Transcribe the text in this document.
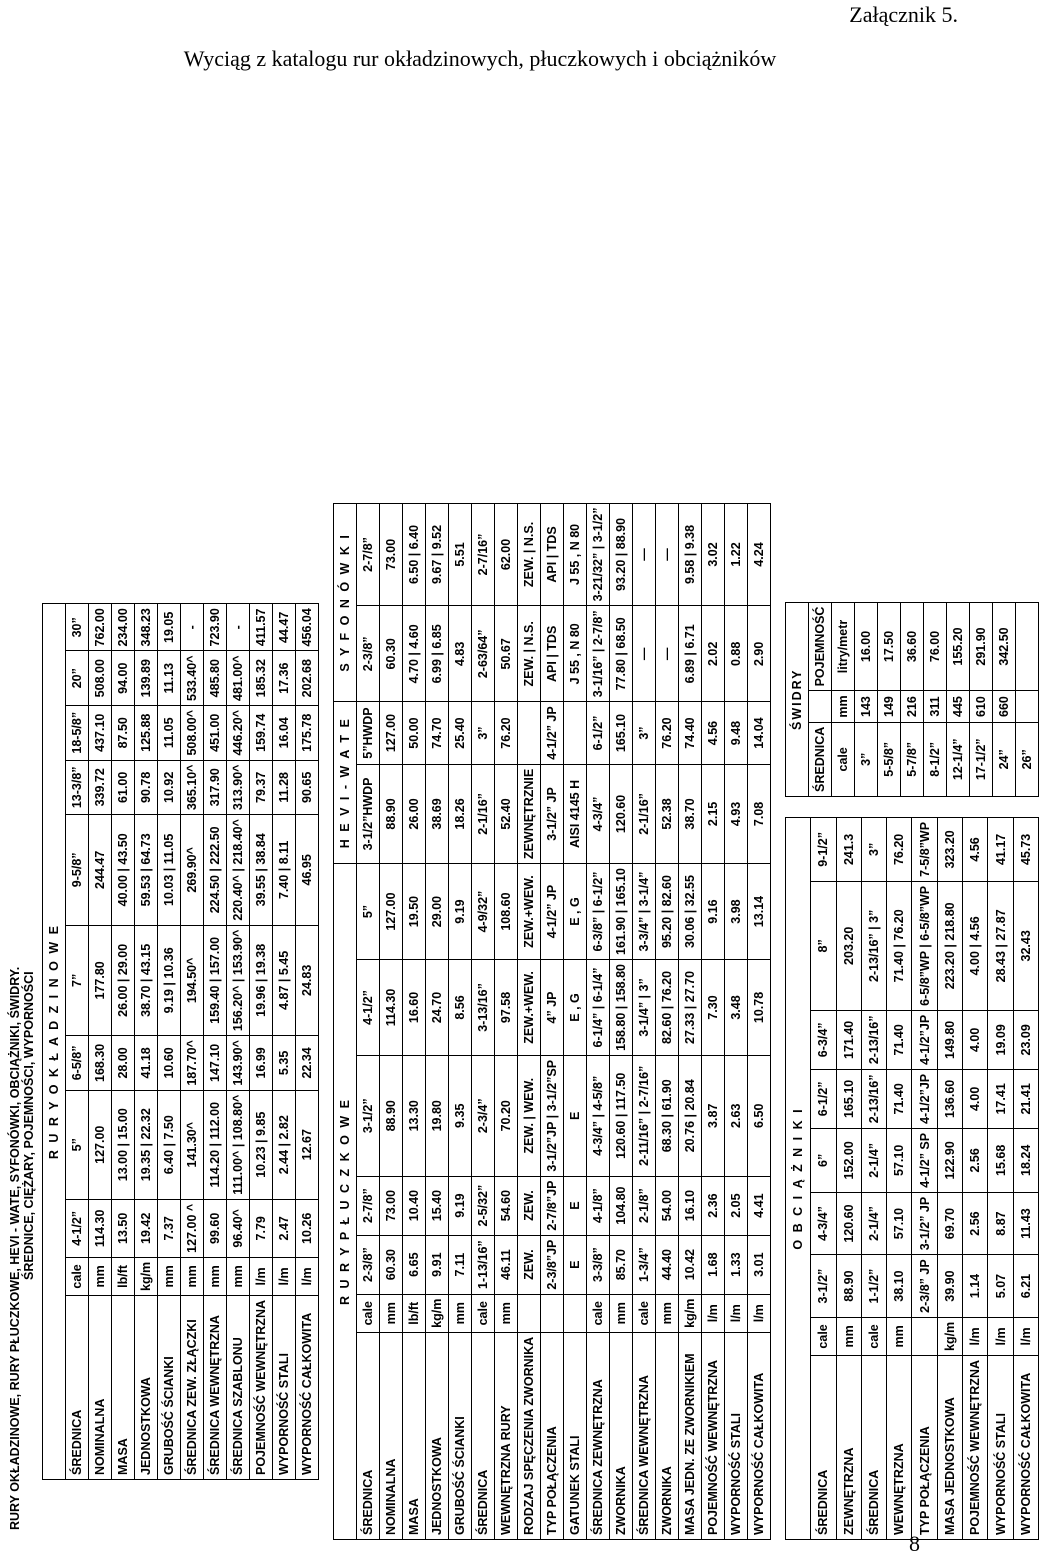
Załącznik 5.
Wyciąg z katalogu rur okładzinowych, płuczkowych i obciążników
RURY OKŁADZINOWE, RURY PŁUCZKOWE, HEVI - WATE, SYFONÓWKI, OBCIĄŻNIKI, ŚWIDRY. ŚREDNICE, CIĘŻARY, POJEMNOŚCI, WYPORNOŚCI R U R Y O K Ł A D Z I N O W E										
ŚREDNICA	cale	4-1/2”	5”	6-5/8”	7”	9-5/8”	13-3/8”	18-5/8”	20”	30”
NOMINALNA	mm	114.30	127.00	168.30	177.80	244.47	339.72	437.10	508.00	762.00
MASA	lb/ft	13.50	13.00 | 15.00	28.00	26.00 | 29.00	40.00 | 43.50	61.00	87.50	94.00	234.00
JEDNOSTKOWA	kg/m	19.42	19.35 | 22.32	41.18	38.70 | 43.15	59.53 | 64.73	90.78	125.88	139.89	348.23
GRUBOŚĆ ŚCIANKI	mm	7.37	6.40 | 7.50	10.60	9.19 | 10.36	10.03 | 11.05	10.92	11.05	11.13	19.05
ŚREDNICA ZEW. ZŁĄCZKI	mm	127.00 ^	141.30^	187.70^	194.50^	269.90^	365.10^	508.00^	533.40^	-
ŚREDNICA WEWNĘTRZNA	mm	99.60	114.20 | 112.00	147.10	159.40 | 157.00	224.50 | 222.50	317.90	451.00	485.80	723.90
ŚREDNICA SZABLONU	mm	96.40^	111.00^ | 108.80^	143.90^	156.20^ | 153.90^	220.40^ | 218.40^	313.90^	446.20^	481.00^	-
POJEMNOŚĆ WEWNĘTRZNA	l/m	7.79	10.23 | 9.85	16.99	19.96 | 19.38	39.55 | 38.84	79.37	159.74	185.32	411.57
WYPORNOŚĆ STALI	l/m	2.47	2.44 | 2.82	5.35	4.87 | 5.45	7.40 | 8.11	11.28	16.04	17.36	44.47
WYPORNOŚĆ CAŁKOWITA	l/m	10.26	12.67	22.34	24.83	46.95	90.65	175.78	202.68	456.04
R U R Y P Ł U C Z K O W E							H E V I - W A T E		S Y F O N Ó W K I	
ŚREDNICA	cale	2-3/8”	2-7/8”	3-1/2”	4-1/2”	5”	3-1/2”HWDP	5”HWDP	2-3/8”	2-7/8”
NOMINALNA	mm	60.30	73.00	88.90	114.30	127.00	88.90	127.00	60.30	73.00
MASA	lb/ft	6.65	10.40	13.30	16.60	19.50	26.00	50.00	4.70 | 4.60	6.50 | 6.40
JEDNOSTKOWA	kg/m	9.91	15.40	19.80	24.70	29.00	38.69	74.70	6.99 | 6.85	9.67 | 9.52
GRUBOŚĆ ŚCIANKI	mm	7.11	9.19	9.35	8.56	9.19	18.26	25.40	4.83	5.51
ŚREDNICA	cale	1-13/16”	2-5/32”	2-3/4”	3-13/16”	4-9/32”	2-1/16”	3”	2-63/64”	2-7/16”
WEWNĘTRZNA RURY	mm	46.11	54.60	70.20	97.58	108.60	52.40	76.20	50.67	62.00
RODZAJ SPĘCZENIA ZWORNIKA		ZEW.	ZEW.	ZEW. | WEW.	ZEW.+WEW.	ZEW.+WEW.	ZEWNĘTRZNIE		ZEW. | N.S.	ZEW. | N.S.
TYP POŁĄCZENIA		2-3/8”JP	2-7/8”JP	3-1/2”JP | 3-1/2”SP	4” JP	4-1/2” JP	3-1/2” JP	4-1/2” JP	API | TDS	API | TDS
GATUNEK STALI		E	E	E	E , G	E , G	AISI 4145 H		J 55 , N 80	J 55 , N 80
ŚREDNICA ZEWNĘTRZNA	cale	3-3/8”	4-1/8”	4-3/4” | 4-5/8”	6-1/4” | 6-1/4”	6-3/8” | 6-1/2”	4-3/4”	6-1/2”	3-1/16” | 2-7/8”	3-21/32” | 3-1/2”
ZWORNIKA	mm	85.70	104.80	120.60 | 117.50	158.80 | 158.80	161.90 | 165.10	120.60	165.10	77.80 | 68.50	93.20 | 88.90
ŚREDNICA WEWNĘTRZNA	cale	1-3/4”	2-1/8”	2-11/16” | 2-7/16”	3-1/4” | 3”	3-3/4” | 3-1/4”	2-1/16”	3”	—	—
ZWORNIKA	mm	44.40	54.00	68.30 | 61.90	82.60 | 76.20	95.20 | 82.60	52.38	76.20	—	—
MASA JEDN. ZE ZWORNIKIEM	kg/m	10.42	16.10	20.76 | 20.84	27.33 | 27.70	30.06 | 32.55	38.70	74.40	6.89 | 6.71	9.58 | 9.38
POJEMNOŚĆ WEWNĘTRZNA	l/m	1.68	2.36	3.87	7.30	9.16	2.15	4.56	2.02	3.02
WYPORNOŚĆ STALI	l/m	1.33	2.05	2.63	3.48	3.98	4.93	9.48	0.88	1.22
WYPORNOŚĆ CAŁKOWITA	l/m	3.01	4.41	6.50	10.78	13.14	7.08	14.04	2.90	4.24
O B C I Ą Ż N I K I								
ŚREDNICA	cale	3-1/2”	4-3/4”	6”	6-1/2”	6-3/4”	8”	9-1/2”
ZEWNĘTRZNA	mm	88.90	120.60	152.00	165.10	171.40	203.20	241.3
ŚREDNICA	cale	1-1/2”	2-1/4”	2-1/4”	2-13/16”	2-13/16”	2-13/16” | 3”	3”
WEWNĘTRZNA	mm	38.10	57.10	57.10	71.40	71.40	71.40 | 76.20	76.20
TYP POŁĄCZENIA		2-3/8” JP	3-1/2” JP	4-1/2” SP	4-1/2”JP	4-1/2”JP	6-5/8”WP | 6-5/8”WP	7-5/8”WP
MASA JEDNOSTKOWA	kg/m	39.90	69.70	122.90	136.60	149.80	223.20 | 218.80	323.20
POJEMNOŚĆ WEWNĘTRZNA	l/m	1.14	2.56	2.56	4.00	4.00	4.00 | 4.56	4.56
WYPORNOŚĆ STALI	l/m	5.07	8.87	15.68	17.41	19.09	28.43 | 27.87	41.17
WYPORNOŚĆ CAŁKOWITA	l/m	6.21	11.43	18.24	21.41	23.09	32.43	45.73
ŚWIDRY		
ŚREDNICA		POJEMNOŚĆ
cale	mm	litry/metr
3”	143	16.00
5-5/8”	149	17.50
5-7/8”	216	36.60
8-1/2”	311	76.00
12-1/4”	445	155.20
17-1/2”	610	291.90
24”	660	342.50
26”		
8
